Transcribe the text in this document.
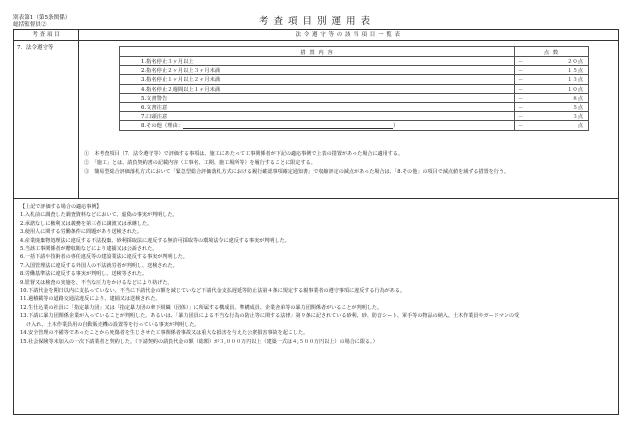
別表第1（第5条関係）
総括監督員②	考 査 項 目 別 運 用 表
考 査 項 目	法 令 遵 守 等 の 該 当 項 目 一 覧 表
7．法令遵守等
措 置 内 容		点 数
	1.指名停止３ヶ月以上	－ ２０点

	2.指名停止２ヶ月以上３ヶ月未満	－ １５点

	3.指名停止１ヶ月以上２ヶ月未満	－ １３点

	4.指名停止２週間以上１ヶ月未満	－ １０点

	5.文書警告	－ ８点

	6.文書注意	－ ５点

	7.口頭注意	－ ３点

	8.その他（理由： ）	－ 点
①　本考査項目（7．法令遵守等）で評価する事項は、施工にあたって工事関係者が下記の適応事例で上表の措置があった場合に適用する。
②　「施工」とは、請負契約書の記載内容（工事名、工期、施工場所等）を履行することに限定する。
③　簡易型総合評価落札方式において「緊急型総合評価落札方式における履行確認事項確定通知書」で収縮評定の減点があった場合は、「8.その他」の項目で減点値を減ずる措置を行う。
【上記で評価する場合の適応事例】
1.入札前に調査した調査資料などにおいて、虚偽の事実が判明した。
2.承諾なしに権利又は義務を第三者に譲渡又は承継した。
3.使用人に関する労働条件に問題があり送検された。
4.産業廃棄物処理法に違反する不法投棄、砂利採取法に違反する無許可採取等の環境法令に違反する事実が判明した。
5.当該工事関係者が贈収賄などにより逮捕又は公訴された。
6.一括下請や技術者の専任違反等の建設業法に違反する事実が判明した。
7.入国管理法に違反する外国人の不法就労者が判明し、送検された。
8.労働基準法に違反する事実が判明し、送検等された。
9.監督又は検査の実施を、不当な圧力をかけるなどにより妨げた。
10.下請代金を期日以内に支払っていない、不当に下請代金の額を減じていなど下請代金支払遅延等防止法第４条に規定する親事業者の遵守事項に違反する行為がある。
11.過積載等の道路交通法違反により、逮捕又は送検された。
12.生仕込業の社員に「指定暴力団」又は「指定暴力団の傘下組織（団体）」に所属する構成員、準構成員、企業舎弟等の暴力団関係者がいることが判明した。
13.下請に暴力団関係企業が入っていることが判明した。あるいは、「暴力団員による不当な行為の防止等に関する法律」第９条に記されている砂利、砂、防音シート、軍手等の物品の納入、土木作業員やガードマンの受
け入れ、土木作業員用の自動販売機の設置等を行っている事実が判明した。
14.安全管理の不備等であったことから死傷者を生じさせた工事関係者事故又は重大な損害を与えた公衆損害事故を起こした。
15.社会保険等未加入の一次下請業者と契約した。（下請契約の請負代金の額（総額）が３,０００万円以上（建築一式は４,５００万円以上）の場合に限る。）
